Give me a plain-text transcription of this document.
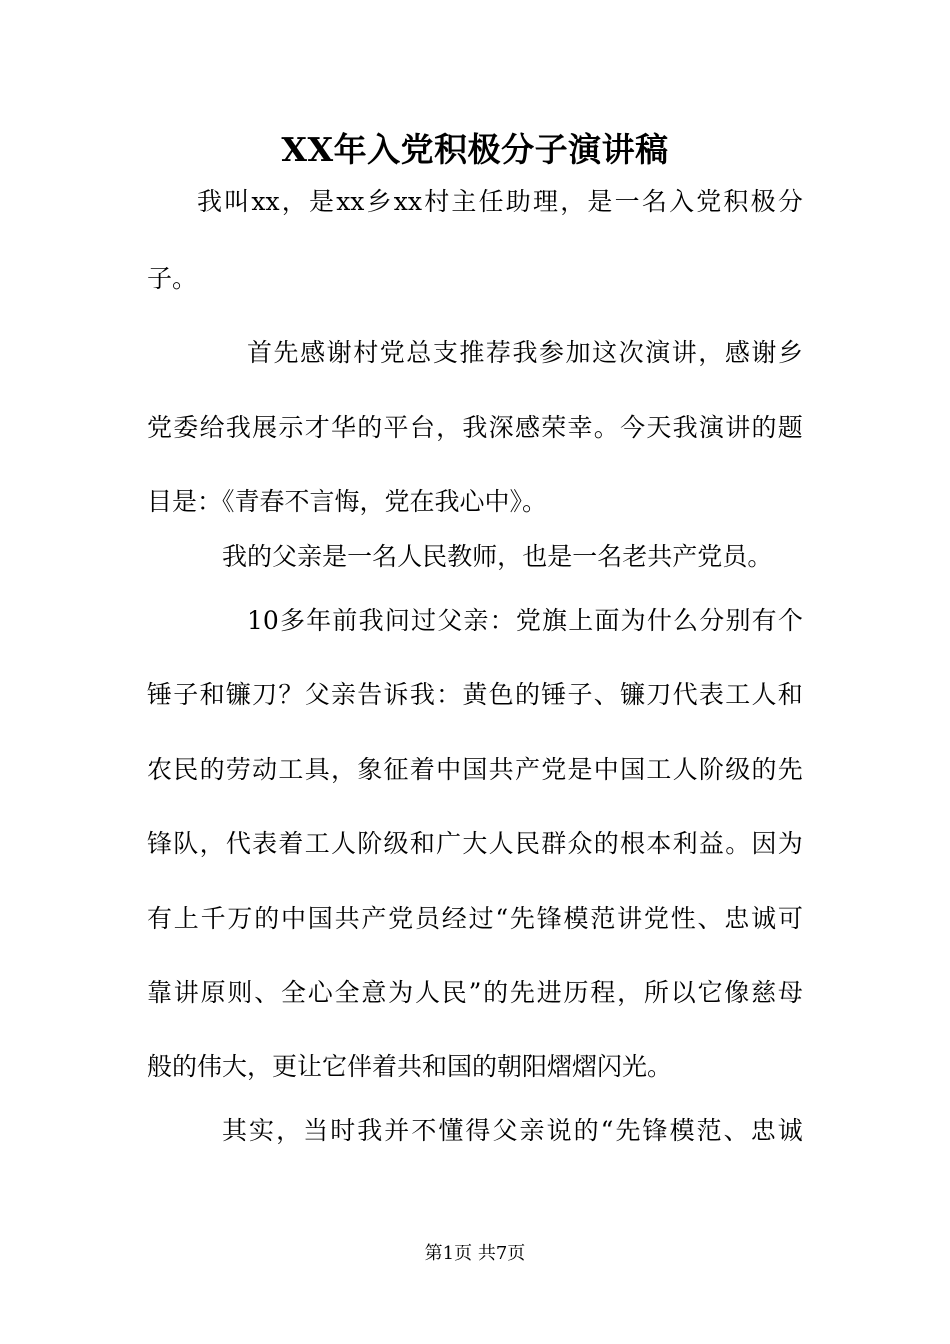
XX年入党积极分子演讲稿
我 叫 xx ， 是 xx 乡 xx 村 主 任 助 理 ， 是 一 名 入 党 积 极 分
子。
首 先 感 谢 村 党 总 支 推 荐 我 参 加 这 次 演 讲 ， 感 谢 乡
党 委 给 我 展 示 才 华 的 平 台 ， 我 深 感 荣 幸 。 今 天 我 演 讲 的 题
目是：《青春不言悔，党在我心中》。
我 的 父 亲 是 一 名 人 民 教 师 ， 也 是 一 名 老 共 产 党 员 。
10 多 年 前 我 问 过 父 亲 ： 党 旗 上 面 为 什 么 分 别 有 个
锤 子 和 镰 刀 ？ 父 亲 告 诉 我 ： 黄 色 的 锤 子 、 镰 刀 代 表 工 人 和
农 民 的 劳 动 工 具 ， 象 征 着 中 国 共 产 党 是 中 国 工 人 阶 级 的 先
锋 队 ， 代 表 着 工 人 阶 级 和 广 大 人 民 群 众 的 根 本 利 益 。 因 为
有 上 千 万 的 中 国 共 产 党 员 经 过 “ 先 锋 模 范 讲 党 性 、 忠 诚 可
靠 讲 原 则 、 全 心 全 意 为 人 民 ” 的 先 进 历 程 ， 所 以 它 像 慈 母
般的伟大，更让它伴着共和国的朝阳熠熠闪光。
其 实 ， 当 时 我 并 不 懂 得 父 亲 说 的 “ 先 锋 模 范 、 忠 诚
第1页 共7页
